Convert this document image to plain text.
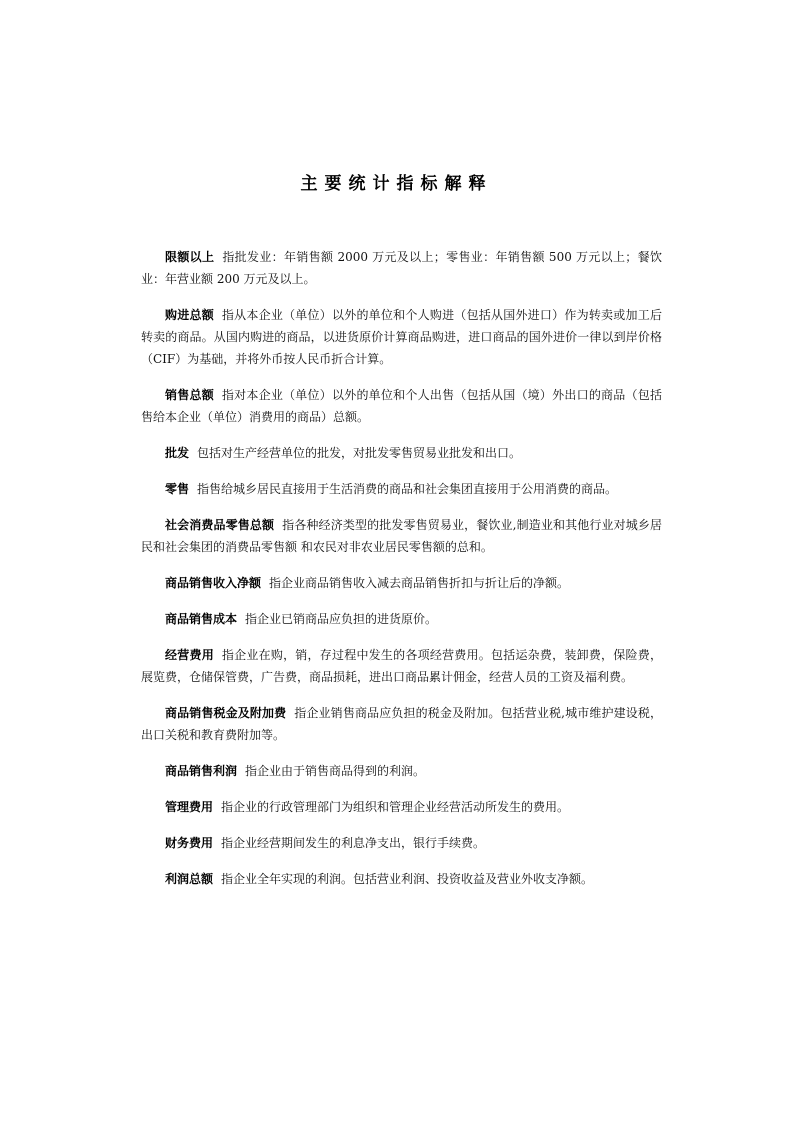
主要统计指标解释

限额以上 指批发业：年销售额 2000 万元及以上；零售业：年销售额 500 万元以上；餐饮业：年营业额 200 万元及以上。

购进总额 指从本企业（单位）以外的单位和个人购进（包括从国外进口）作为转卖或加工后转卖的商品。从国内购进的商品，以进货原价计算商品购进，进口商品的国外进价一律以到岸价格（CIF）为基础，并将外币按人民币折合计算。

销售总额 指对本企业（单位）以外的单位和个人出售（包括从国（境）外出口的商品（包括售给本企业（单位）消费用的商品）总额。

批发 包括对生产经营单位的批发，对批发零售贸易业批发和出口。

零售 指售给城乡居民直接用于生活消费的商品和社会集团直接用于公用消费的商品。

社会消费品零售总额 指各种经济类型的批发零售贸易业，餐饮业,制造业和其他行业对城乡居民和社会集团的消费品零售额 和农民对非农业居民零售额的总和。

商品销售收入净额 指企业商品销售收入减去商品销售折扣与折让后的净额。

商品销售成本 指企业已销商品应负担的进货原价。

经营费用 指企业在购，销，存过程中发生的各项经营费用。包括运杂费，装卸费，保险费，展览费，仓储保管费，广告费，商品损耗，进出口商品累计佣金，经营人员的工资及福利费。

商品销售税金及附加费 指企业销售商品应负担的税金及附加。包括营业税,城市维护建设税，出口关税和教育费附加等。

商品销售利润 指企业由于销售商品得到的利润。

管理费用 指企业的行政管理部门为组织和管理企业经营活动所发生的费用。

财务费用 指企业经营期间发生的利息净支出，银行手续费。

利润总额 指企业全年实现的利润。包括营业利润、投资收益及营业外收支净额。
